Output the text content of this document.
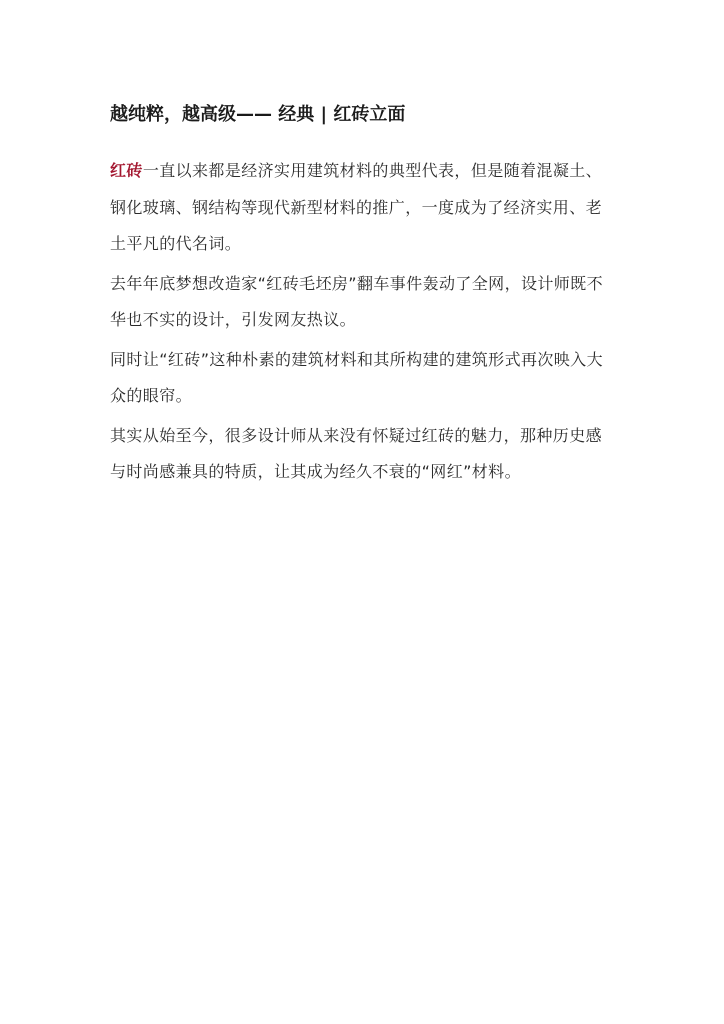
越纯粹，越高级—— 经典 | 红砖立面

红砖一直以来都是经济实用建筑材料的典型代表，但是随着混凝土、钢化玻璃、钢结构等现代新型材料的推广，一度成为了经济实用、老土平凡的代名词。

去年年底梦想改造家“红砖毛坯房”翻车事件轰动了全网，设计师既不华也不实的设计，引发网友热议。

同时让“红砖”这种朴素的建筑材料和其所构建的建筑形式再次映入大众的眼帘。

其实从始至今，很多设计师从来没有怀疑过红砖的魅力，那种历史感与时尚感兼具的特质，让其成为经久不衰的“网红”材料。
